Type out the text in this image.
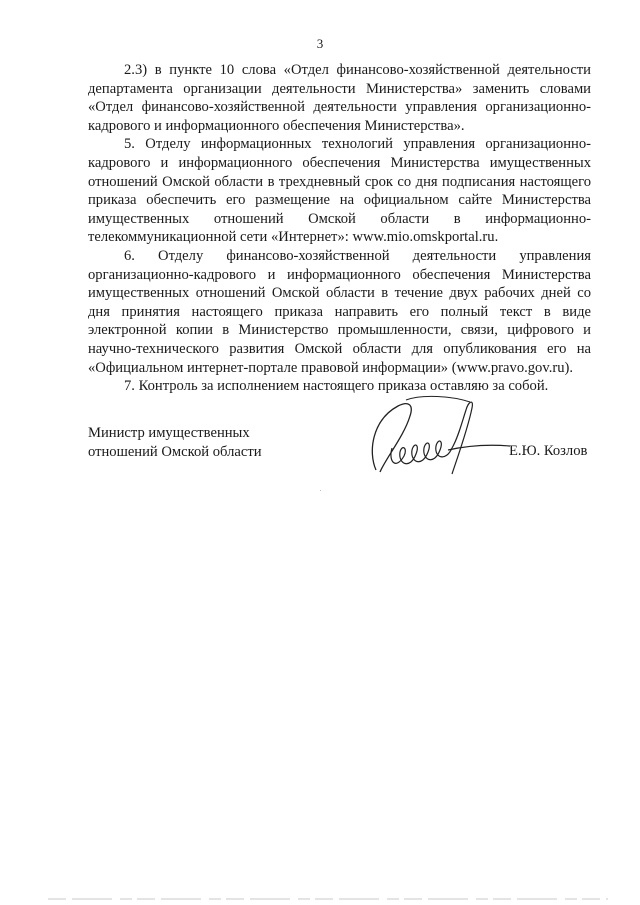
3

2.3) в пункте 10 слова «Отдел финансово-хозяйственной деятельности департамента организации деятельности Министерства» заменить словами «Отдел финансово-хозяйственной деятельности управления организационно-кадрового и информационного обеспечения Министерства».

5. Отделу информационных технологий управления организационно-кадрового и информационного обеспечения Министерства имущественных отношений Омской области в трехдневный срок со дня подписания настоящего приказа обеспечить его размещение на официальном сайте Министерства имущественных отношений Омской области в информационно-телекоммуникационной сети «Интернет»: www.mio.omskportal.ru.

6. Отделу финансово-хозяйственной деятельности управления организационно-кадрового и информационного обеспечения Министерства имущественных отношений Омской области в течение двух рабочих дней со дня принятия настоящего приказа направить его полный текст в виде электронной копии в Министерство промышленности, связи, цифрового и научно-технического развития Омской области для опубликования его на «Официальном интернет-портале правовой информации» (www.pravo.gov.ru).

7. Контроль за исполнением настоящего приказа оставляю за собой.

Министр имущественных
отношений Омской области	Е.Ю. Козлов
